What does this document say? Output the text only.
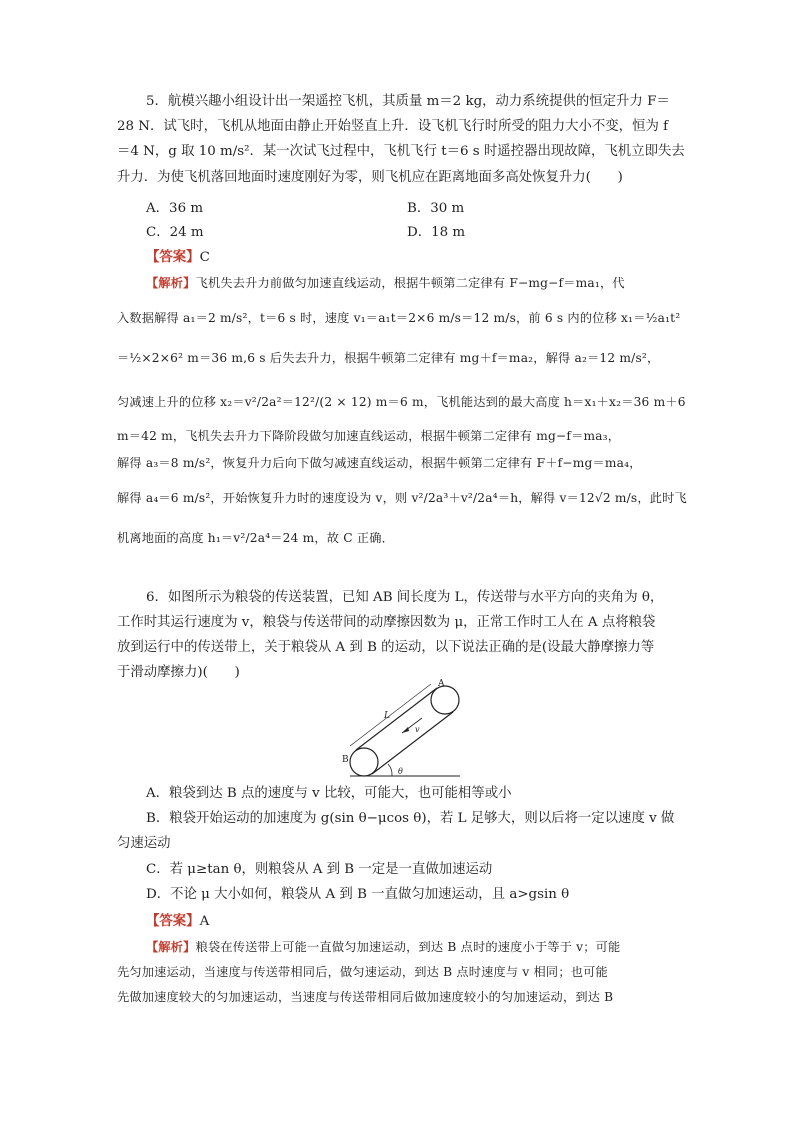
5．航模兴趣小组设计出一架遥控飞机，其质量 m＝2 kg，动力系统提供的恒定升力 F＝
28 N．试飞时，飞机从地面由静止开始竖直上升．设飞机飞行时所受的阻力大小不变，恒为 f
＝4 N，g 取 10 m/s²．某一次试飞过程中，飞机飞行 t＝6 s 时遥控器出现故障，飞机立即失去
升力．为使飞机落回地面时速度刚好为零，则飞机应在距离地面多高处恢复升力(　　)
A．36 m	B．30 m
C．24 m	D．18 m
【答案】C
【解析】飞机失去升力前做匀加速直线运动，根据牛顿第二定律有 F−mg−f＝ma₁，代
入数据解得 a₁＝2 m/s²，t＝6 s 时，速度 v₁＝a₁t＝2×6 m/s＝12 m/s，前 6 s 内的位移 x₁＝½a₁t²
＝½×2×6² m＝36 m,6 s 后失去升力，根据牛顿第二定律有 mg＋f＝ma₂，解得 a₂＝12 m/s²，
匀减速上升的位移 x₂＝v²/2a²＝12²/(2 × 12) m＝6 m，飞机能达到的最大高度 h＝x₁＋x₂＝36 m＋6
m＝42 m，飞机失去升力下降阶段做匀加速直线运动，根据牛顿第二定律有 mg−f＝ma₃，
解得 a₃＝8 m/s²，恢复升力后向下做匀减速直线运动，根据牛顿第二定律有 F＋f−mg＝ma₄，
解得 a₄＝6 m/s²，开始恢复升力时的速度设为 v，则 v²/2a³＋v²/2a⁴＝h，解得 v＝12√2 m/s，此时飞
机离地面的高度 h₁＝v²/2a⁴＝24 m，故 C 正确．
6．如图所示为粮袋的传送装置，已知 AB 间长度为 L，传送带与水平方向的夹角为 θ，
工作时其运行速度为 v，粮袋与传送带间的动摩擦因数为 μ，正常工作时工人在 A 点将粮袋
放到运行中的传送带上，关于粮袋从 A 到 B 的运动，以下说法正确的是(设最大静摩擦力等
于滑动摩擦力)(　　)
A
B
L
v
θ
A．粮袋到达 B 点的速度与 v 比较，可能大，也可能相等或小
B．粮袋开始运动的加速度为 g(sin θ−μcos θ)，若 L 足够大，则以后将一定以速度 v 做
匀速运动
C．若 μ≥tan θ，则粮袋从 A 到 B 一定是一直做加速运动
D．不论 μ 大小如何，粮袋从 A 到 B 一直做匀加速运动，且 a>gsin θ
【答案】A
【解析】粮袋在传送带上可能一直做匀加速运动，到达 B 点时的速度小于等于 v；可能
先匀加速运动，当速度与传送带相同后，做匀速运动，到达 B 点时速度与 v 相同；也可能
先做加速度较大的匀加速运动，当速度与传送带相同后做加速度较小的匀加速运动，到达 B
